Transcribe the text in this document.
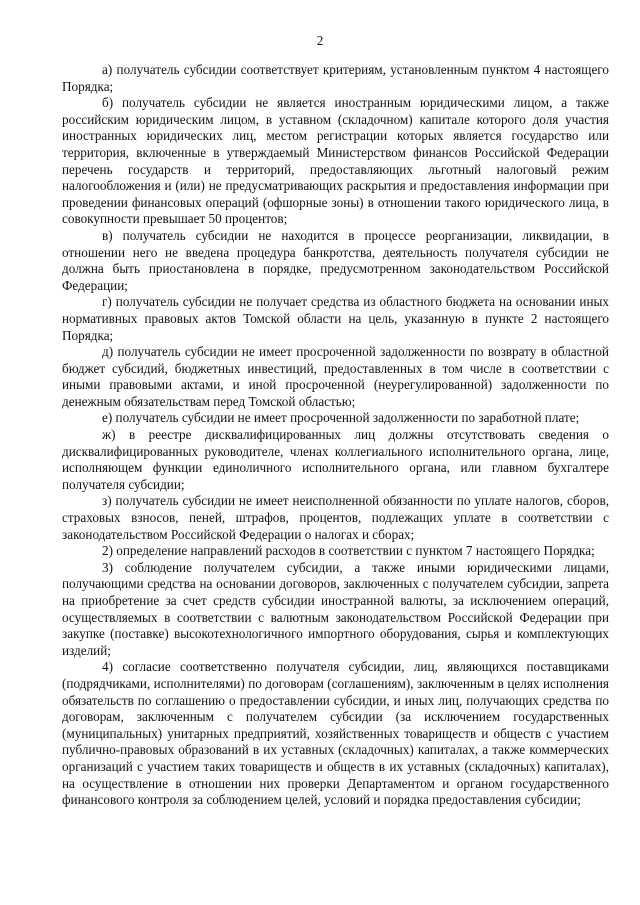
2

а) получатель субсидии соответствует критериям, установленным пунктом 4 настоящего Порядка;

б) получатель субсидии не является иностранным юридическими лицом, а также российским юридическим лицом, в уставном (складочном) капитале которого доля участия иностранных юридических лиц, местом регистрации которых является государство или территория, включенные в утверждаемый Министерством финансов Российской Федерации перечень государств и территорий, предоставляющих льготный налоговый режим налогообложения и (или) не предусматривающих раскрытия и предоставления информации при проведении финансовых операций (офшорные зоны) в отношении такого юридического лица, в совокупности превышает 50 процентов;

в) получатель субсидии не находится в процессе реорганизации, ликвидации, в отношении него не введена процедура банкротства, деятельность получателя субсидии не должна быть приостановлена в порядке, предусмотренном законодательством Российской Федерации;

г) получатель субсидии не получает средства из областного бюджета на основании иных нормативных правовых актов Томской области на цель, указанную в пункте 2 настоящего Порядка;

д) получатель субсидии не имеет просроченной задолженности по возврату в областной бюджет субсидий, бюджетных инвестиций, предоставленных в том числе в соответствии с иными правовыми актами, и иной просроченной (неурегулированной) задолженности по денежным обязательствам перед Томской областью;

е) получатель субсидии не имеет просроченной задолженности по заработной плате;

ж) в реестре дисквалифицированных лиц должны отсутствовать сведения о дисквалифицированных руководителе, членах коллегиального исполнительного органа, лице, исполняющем функции единоличного исполнительного органа, или главном бухгалтере получателя субсидии;

з) получатель субсидии не имеет неисполненной обязанности по уплате налогов, сборов, страховых взносов, пеней, штрафов, процентов, подлежащих уплате в соответствии с законодательством Российской Федерации о налогах и сборах;

2) определение направлений расходов в соответствии с пунктом 7 настоящего Порядка;

3) соблюдение получателем субсидии, а также иными юридическими лицами, получающими средства на основании договоров, заключенных с получателем субсидии, запрета на приобретение за счет средств субсидии иностранной валюты, за исключением операций, осуществляемых в соответствии с валютным законодательством Российской Федерации при закупке (поставке) высокотехнологичного импортного оборудования, сырья и комплектующих изделий;

4) согласие соответственно получателя субсидии, лиц, являющихся поставщиками (подрядчиками, исполнителями) по договорам (соглашениям), заключенным в целях исполнения обязательств по соглашению о предоставлении субсидии, и иных лиц, получающих средства по договорам, заключенным с получателем субсидии (за исключением государственных (муниципальных) унитарных предприятий, хозяйственных товариществ и обществ с участием публично-правовых образований в их уставных (складочных) капиталах, а также коммерческих организаций с участием таких товариществ и обществ в их уставных (складочных) капиталах), на осуществление в отношении них проверки Департаментом и органом государственного финансового контроля за соблюдением целей, условий и порядка предоставления субсидии;
